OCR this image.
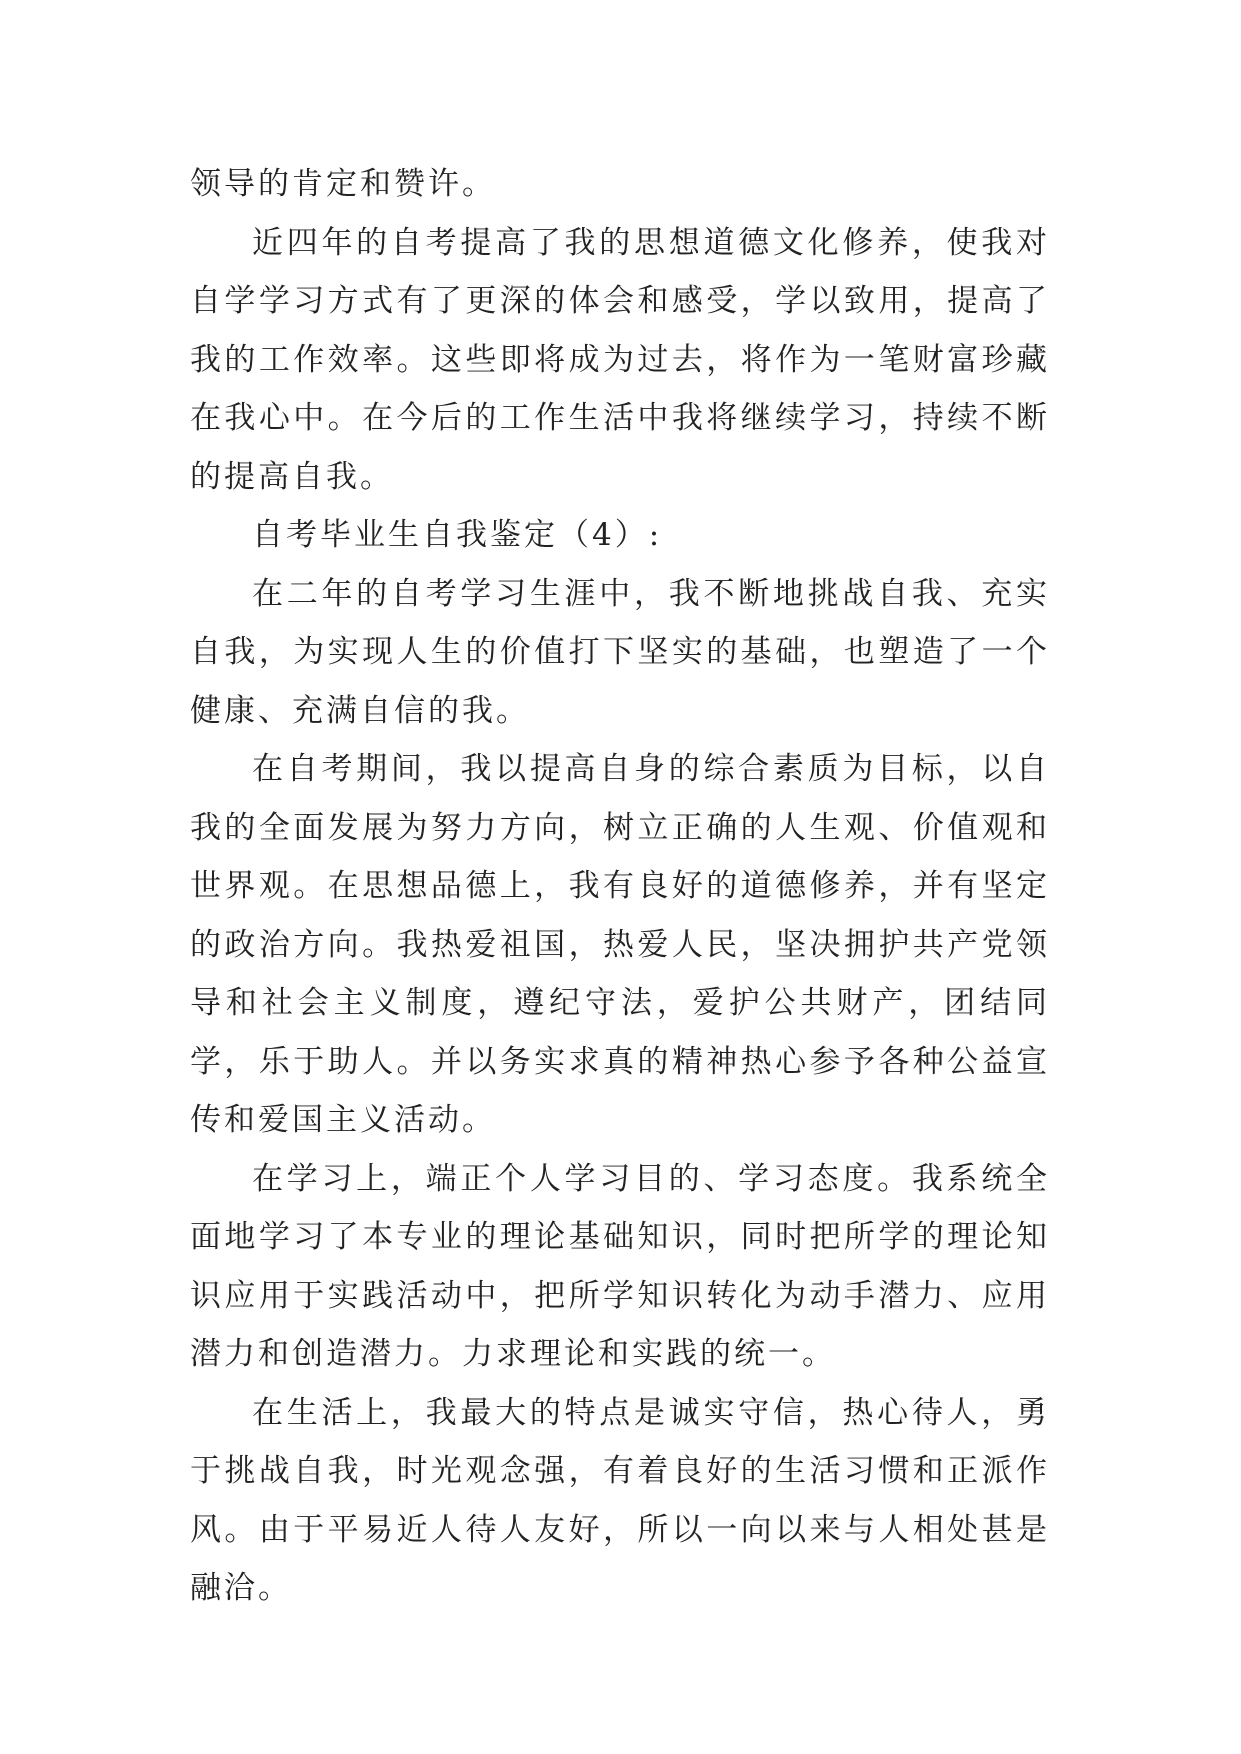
领导的肯定和赞许。

近四年的自考提高了我的思想道德文化修养，使我对自学学习方式有了更深的体会和感受，学以致用，提高了我的工作效率。这些即将成为过去，将作为一笔财富珍藏在我心中。在今后的工作生活中我将继续学习，持续不断的提高自我。

自考毕业生自我鉴定（4）:

在二年的自考学习生涯中，我不断地挑战自我、充实自我，为实现人生的价值打下坚实的基础，也塑造了一个健康、充满自信的我。

在自考期间，我以提高自身的综合素质为目标，以自我的全面发展为努力方向，树立正确的人生观、价值观和世界观。在思想品德上，我有良好的道德修养，并有坚定的政治方向。我热爱祖国，热爱人民，坚决拥护共产党领导和社会主义制度，遵纪守法，爱护公共财产，团结同学，乐于助人。并以务实求真的精神热心参予各种公益宣传和爱国主义活动。

在学习上，端正个人学习目的、学习态度。我系统全面地学习了本专业的理论基础知识，同时把所学的理论知识应用于实践活动中，把所学知识转化为动手潜力、应用潜力和创造潜力。力求理论和实践的统一。

在生活上，我最大的特点是诚实守信，热心待人，勇于挑战自我，时光观念强，有着良好的生活习惯和正派作风。由于平易近人待人友好，所以一向以来与人相处甚是融洽。
